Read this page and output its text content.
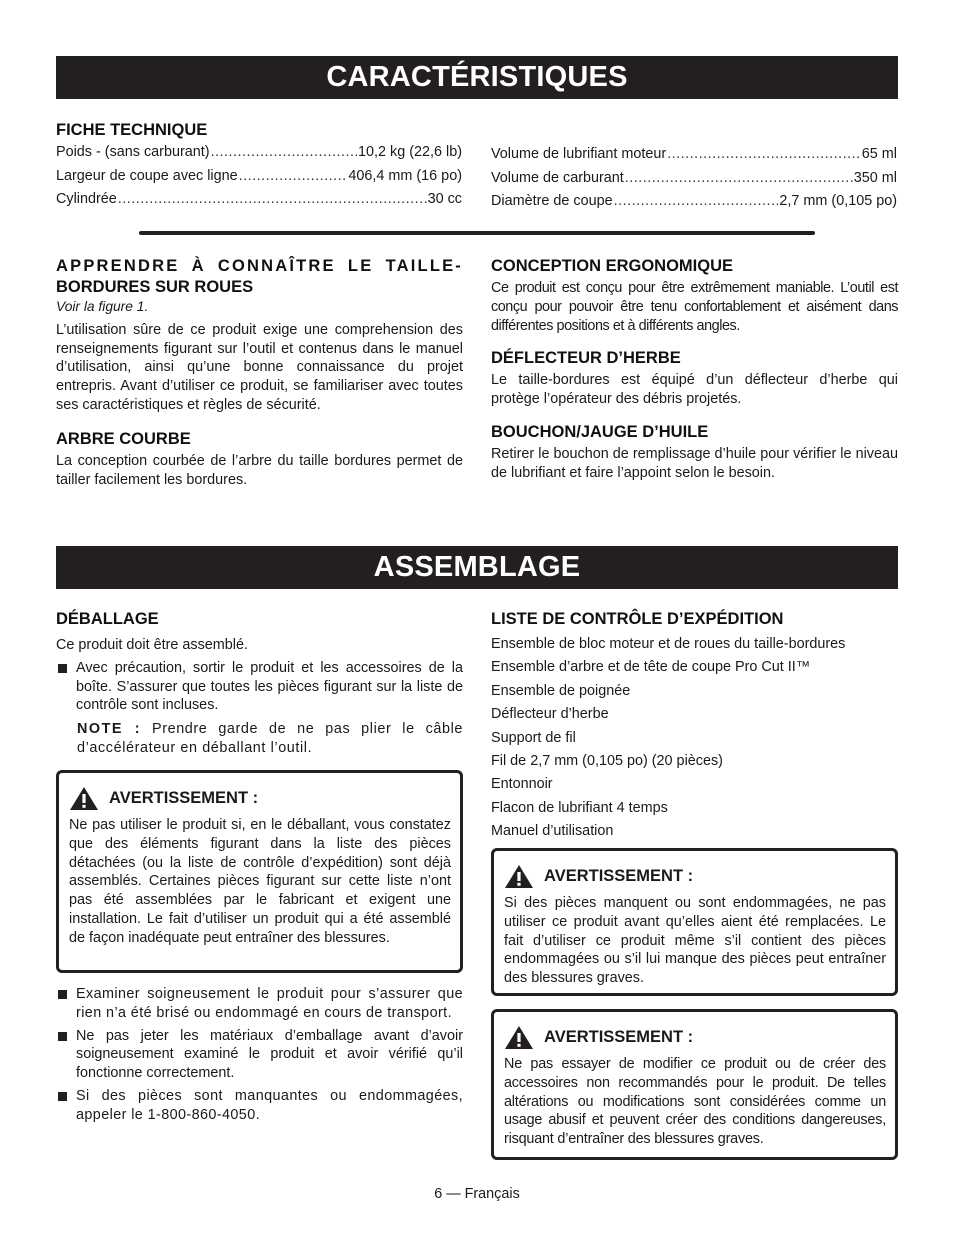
CARACTÉRISTIQUES
FICHE TECHNIQUE
Poids - (sans carburant) .....	10,2 kg (22,6 lb)
Largeur de coupe avec ligne .....	406,4 mm (16 po)
Cylindrée .....	30 cc
Volume de lubrifiant moteur .....	65 ml
Volume de carburant .....	350 ml
Diamètre de coupe .....	2,7 mm (0,105 po)
APPRENDRE À CONNAÎTRE LE TAILLE-
BORDURES SUR ROUES
Voir la figure 1.
L’utilisation sûre de ce produit exige une comprehension des renseignements figurant sur l’outil et contenus dans le manuel d’utilisation, ainsi qu’une bonne connaissance du projet entrepris. Avant d’utiliser ce produit, se familiariser avec toutes ses caractéristiques et règles de sécurité.
ARBRE COURBE
La conception courbée de l’arbre du taille bordures permet de tailler facilement les bordures.
CONCEPTION ERGONOMIQUE
Ce produit est conçu pour être extrêmement maniable. L’outil est conçu pour pouvoir être tenu confortablement et aisément dans différentes positions et à différents angles.
DÉFLECTEUR D’HERBE
Le taille-bordures est équipé d’un déflecteur d’herbe qui protège l’opérateur des débris projetés.
BOUCHON/JAUGE D’HUILE
Retirer le bouchon de remplissage d’huile pour vérifier le niveau de lubrifiant et faire l’appoint selon le besoin.
ASSEMBLAGE
DÉBALLAGE
Ce produit doit être assemblé.
Avec précaution, sortir le produit et les accessoires de la boîte. S’assurer que toutes les pièces figurant sur la liste de contrôle sont incluses.
NOTE : Prendre garde de ne pas plier le câble d’accélérateur en déballant l’outil.
AVERTISSEMENT :
Ne pas utiliser le produit si, en le déballant, vous constatez que des éléments figurant dans la liste des pièces détachées (ou la liste de contrôle d’expédition) sont déjà assemblés. Certaines pièces figurant sur cette liste n’ont pas été assemblées par le fabricant et exigent une installation. Le fait d’utiliser un produit qui a été assemblé de façon inadéquate peut entraîner des blessures.
Examiner soigneusement le produit pour s’assurer que rien n’a été brisé ou endommagé en cours de transport.
Ne pas jeter les matériaux d’emballage avant d’avoir soigneusement examiné le produit et avoir vérifié qu’il fonctionne correctement.
Si des pièces sont manquantes ou endommagées, appeler le 1-800-860-4050.
LISTE DE CONTRÔLE D’EXPÉDITION
Ensemble de bloc moteur et de roues du taille-bordures
Ensemble d’arbre et de tête de coupe Pro Cut II™
Ensemble de poignée
Déflecteur d’herbe
Support de fil
Fil de 2,7 mm (0,105 po) (20 pièces)
Entonnoir
Flacon de lubrifiant 4 temps
Manuel d’utilisation
AVERTISSEMENT :
Si des pièces manquent ou sont endommagées, ne pas utiliser ce produit avant qu’elles aient été remplacées. Le fait d’utiliser ce produit même s’il contient des pièces endommagées ou s’il lui manque des pièces peut entraîner des blessures graves.
AVERTISSEMENT :
Ne pas essayer de modifier ce produit ou de créer des accessoires non recommandés pour le produit. De telles altérations ou modifications sont considérées comme un usage abusif et peuvent créer des conditions dangereuses, risquant d’entraîner des blessures graves.
6 — Français
